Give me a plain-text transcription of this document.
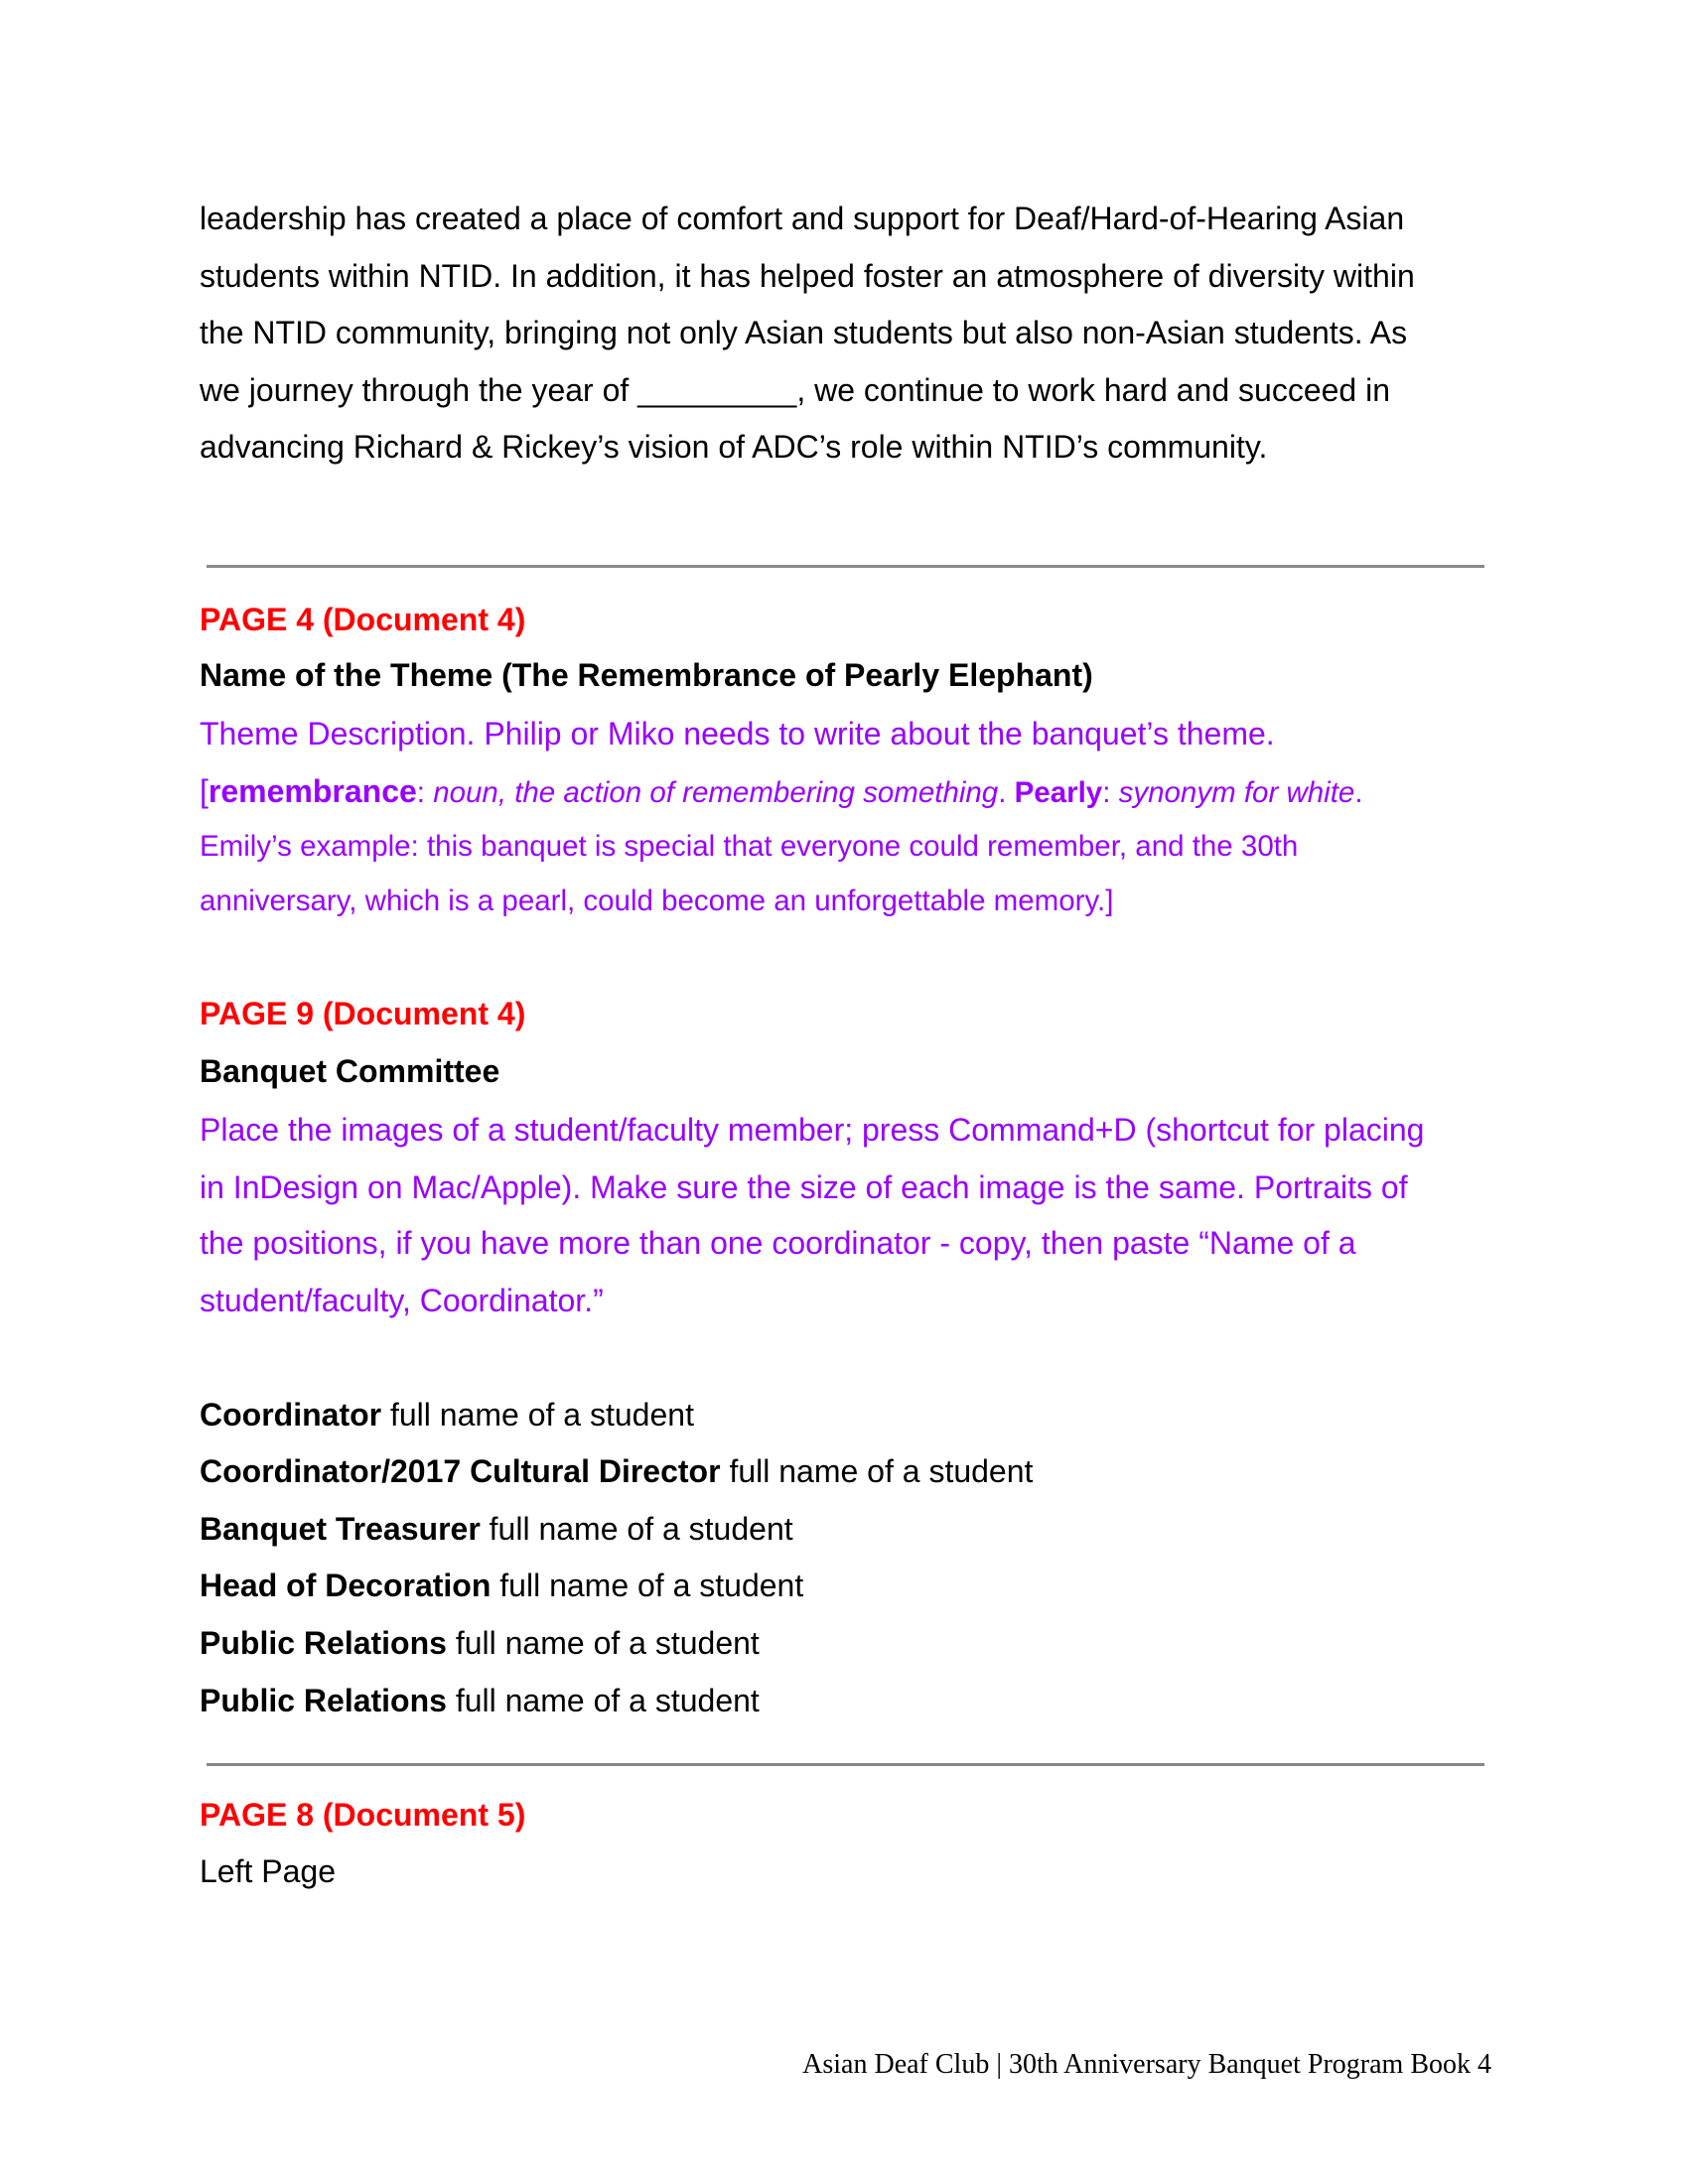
leadership has created a place of comfort and support for Deaf/Hard-of-Hearing Asian
students within NTID. In addition, it has helped foster an atmosphere of diversity within
the NTID community, bringing not only Asian students but also non-Asian students. As
we journey through the year of _________, we continue to work hard and succeed in
advancing Richard & Rickey’s vision of ADC’s role within NTID’s community.
PAGE 4 (Document 4)
Name of the Theme (The Remembrance of Pearly Elephant)
Theme Description. Philip or Miko needs to write about the banquet’s theme.
[remembrance: noun, the action of remembering something. Pearly: synonym for white.
Emily’s example: this banquet is special that everyone could remember, and the 30th
anniversary, which is a pearl, could become an unforgettable memory.]
PAGE 9 (Document 4)
Banquet Committee
Place the images of a student/faculty member; press Command+D (shortcut for placing
in InDesign on Mac/Apple). Make sure the size of each image is the same. Portraits of
the positions, if you have more than one coordinator - copy, then paste “Name of a
student/faculty, Coordinator.”
Coordinator full name of a student
Coordinator/2017 Cultural Director full name of a student
Banquet Treasurer full name of a student
Head of Decoration full name of a student
Public Relations full name of a student
Public Relations full name of a student
PAGE 8 (Document 5)
Left Page
Asian Deaf Club | 30th Anniversary Banquet Program Book 4
